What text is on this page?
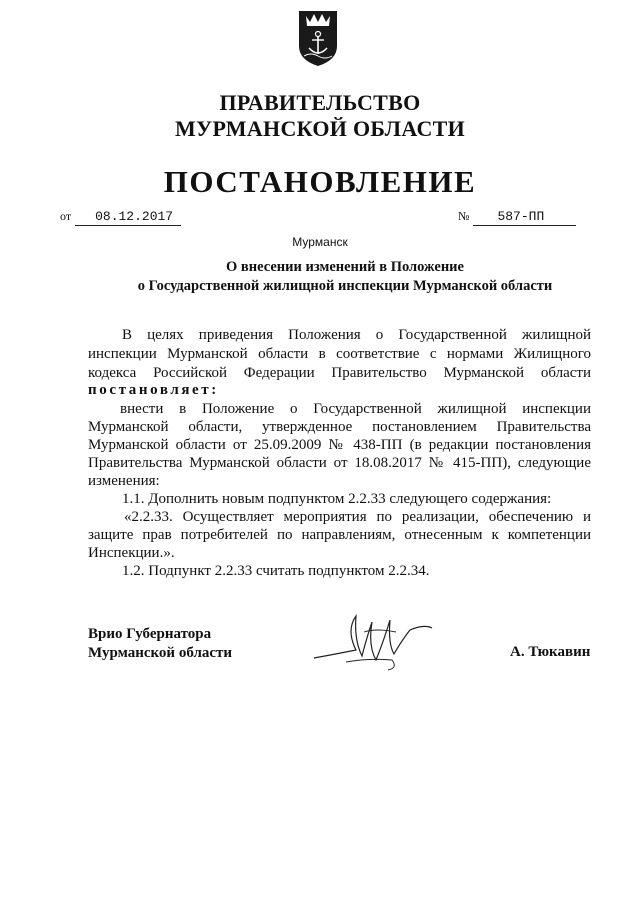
ПРАВИТЕЛЬСТВО
МУРМАНСКОЙ ОБЛАСТИ
ПОСТАНОВЛЕНИЕ
от 08.12.2017	№ 587-ПП
Мурманск
О внесении изменений в Положение
о Государственной жилищной инспекции Мурманской области
В целях приведения Положения о Государственной жилищной
инспекции Мурманской области в соответствие с нормами Жилищного
кодекса Российской Федерации Правительство Мурманской области
постановляет:
внести в Положение о Государственной жилищной инспекции
Мурманской области, утвержденное постановлением Правительства
Мурманской области от 25.09.2009 № 438-ПП (в редакции постановления
Правительства Мурманской области от 18.08.2017 № 415-ПП), следующие
изменения:
1.1. Дополнить новым подпунктом 2.2.33 следующего содержания:
«2.2.33. Осуществляет мероприятия по реализации, обеспечению и
защите прав потребителей по направлениям, отнесенным к компетенции
Инспекции.».
1.2. Подпункт 2.2.33 считать подпунктом 2.2.34.
Врио Губернатора
Мурманской области	А. Тюкавин
